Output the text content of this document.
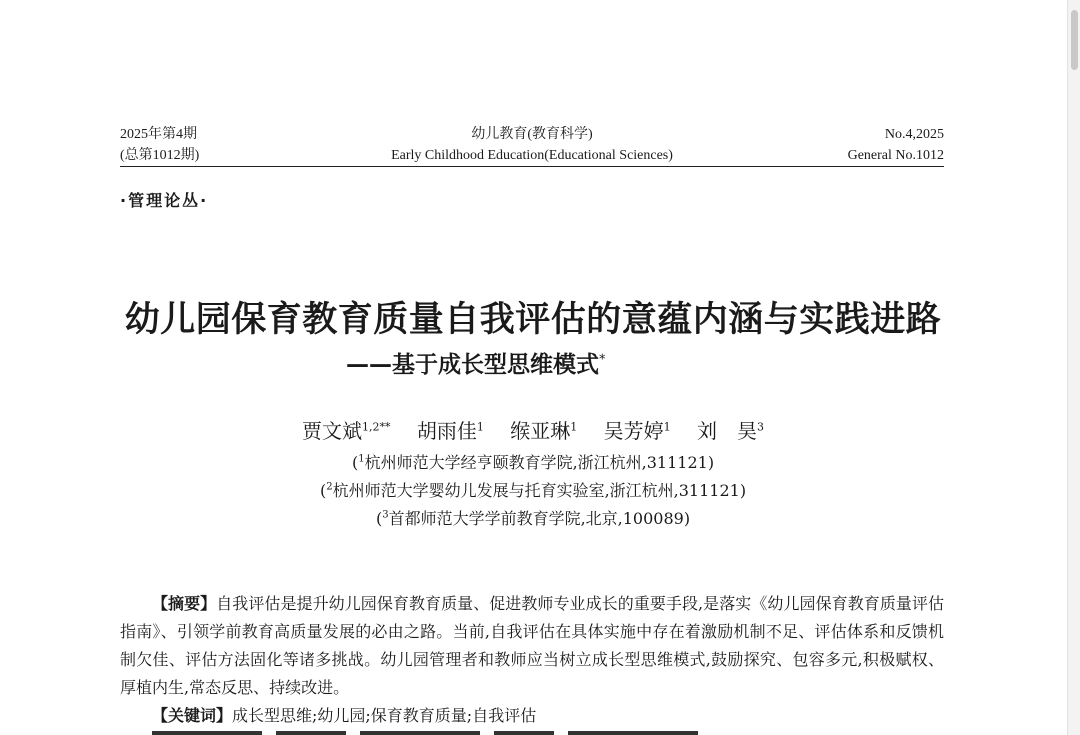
2025年第4期
(总第1012期)
幼儿教育(教育科学)
Early Childhood Education(Educational Sciences)
No.4,2025
General No.1012
·管理论丛·
幼儿园保育教育质量自我评估的意蕴内涵与实践进路
——基于成长型思维模式*
贾文斌$^{1,2**}$ 胡雨佳$^1$ 缑亚琳$^1$ 吴芳婷$^1$ 刘　昊$^3$
($^1$杭州师范大学经亨颐教育学院,浙江杭州,311121)
($^2$杭州师范大学婴幼儿发展与托育实验室,浙江杭州,311121)
($^3$首都师范大学学前教育学院,北京,100089)
【摘要】自我评估是提升幼儿园保育教育质量、促进教师专业成长的重要手段,是落实《幼儿园保育教育质量评估指南》、引领学前教育高质量发展的必由之路。当前,自我评估在具体实施中存在着激励机制不足、评估体系和反馈机制欠佳、评估方法固化等诸多挑战。幼儿园管理者和教师应当树立成长型思维模式,鼓励探究、包容多元,积极赋权、厚植内生,常态反思、持续改进。
【关键词】成长型思维;幼儿园;保育教育质量;自我评估
